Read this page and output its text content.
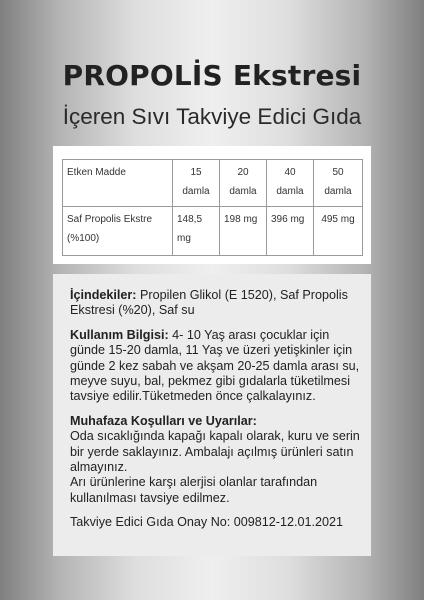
PROPOLİS Ekstresi
İçeren Sıvı Takviye Edici Gıda
Etken Madde	15 damla	20 damla	40 damla	50 damla
Saf Propolis Ekstre (%100)	148,5 mg	198 mg	396 mg	495 mg

İçindekiler: Propilen Glikol (E 1520), Saf Propolis Ekstresi (%20), Saf su

Kullanım Bilgisi: 4- 10 Yaş arası çocuklar için günde 15-20 damla, 11 Yaş ve üzeri yetişkinler için günde 2 kez sabah ve akşam 20-25 damla arası su, meyve suyu, bal, pekmez gibi gıdalarla tüketilmesi tavsiye edilir.Tüketmeden önce çalkalayınız.

Muhafaza Koşulları ve Uyarılar:

Oda sıcaklığında kapağı kapalı olarak, kuru ve serin bir yerde saklayınız. Ambalajı açılmış ürünleri satın almayınız.

Arı ürünlerine karşı alerjisi olanlar tarafından kullanılması tavsiye edilmez.

Takviye Edici Gıda Onay No: 009812-12.01.2021
